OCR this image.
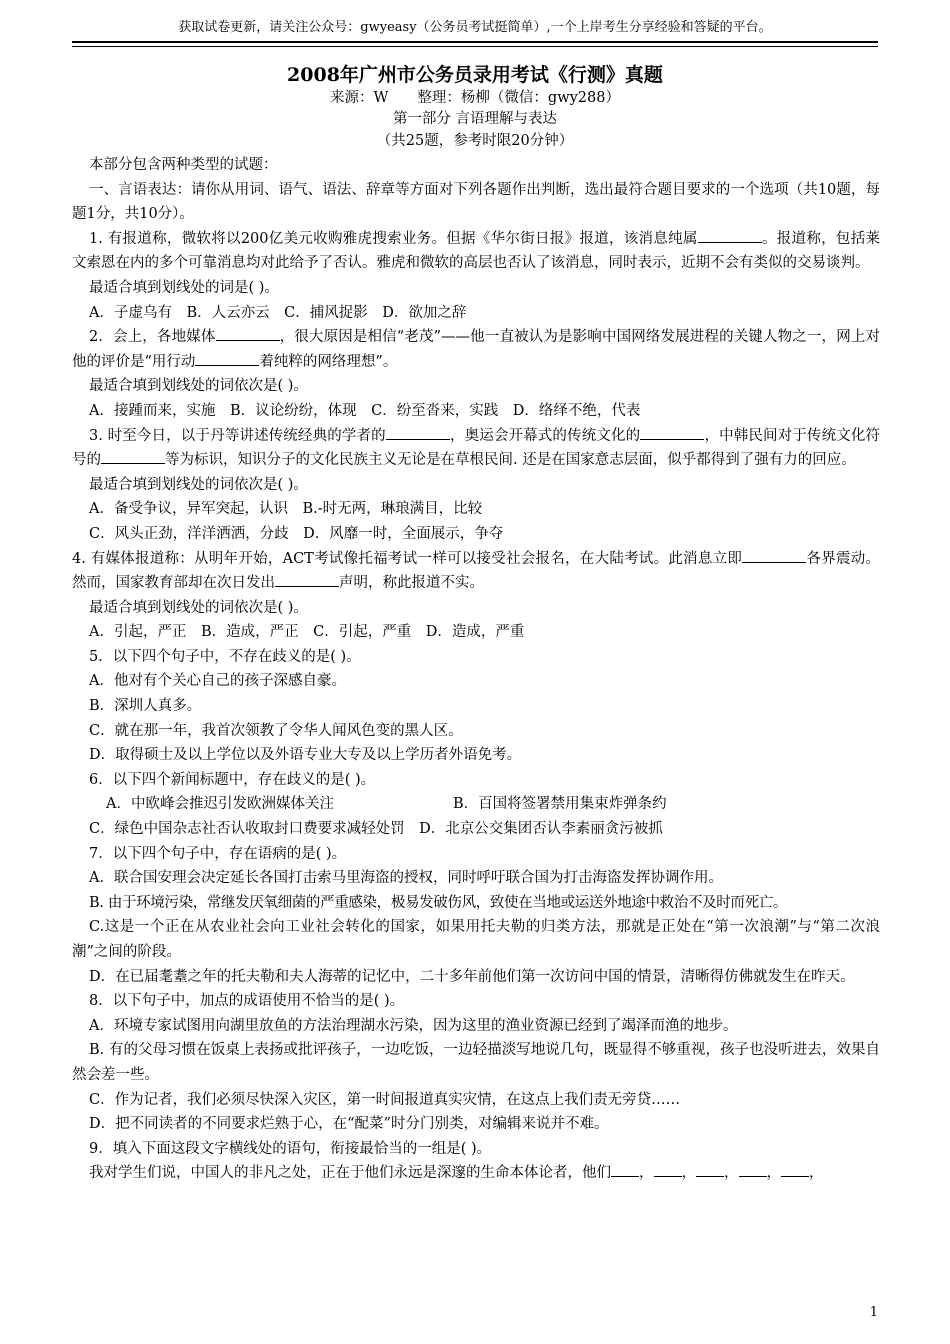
获取试卷更新，请关注公众号：gwyeasy（公务员考试挺简单）,一个上岸考生分享经验和答疑的平台。
2008年广州市公务员录用考试《行测》真题
来源：W　　整理：杨柳（微信：gwy288）
第一部分 言语理解与表达
（共25题，参考时限20分钟）

本部分包含两种类型的试题：

一、言语表达：请你从用词、语气、语法、辞章等方面对下列各题作出判断，选出最符合题目要求的一个选项（共10题，每题1分，共10分）。

1. 有报道称，微软将以200亿美元收购雅虎搜索业务。但据《华尔街日报》报道，该消息纯属	。报道称，包括莱文索恩在内的多个可靠消息均对此给予了否认。雅虎和微软的高层也否认了该消息，同时表示，近期不会有类似的交易谈判。

最适合填到划线处的词是( )。

A．子虚乌有　B．人云亦云　C．捕风捉影　D．欲加之辞

2．会上，各地媒体	，很大原因是相信“老茂”——他一直被认为是影响中国网络发展进程的关键人物之一，网上对他的评价是“用行动	着纯粹的网络理想”。

最适合填到划线处的词依次是( )。

A．接踵而来，实施　B．议论纷纷，体现　C．纷至沓来，实践　D．络绎不绝，代表

3. 时至今日，以于丹等讲述传统经典的学者的	，奥运会开幕式的传统文化的	，中韩民间对于传统文化符号的	等为标识，知识分子的文化民族主义无论是在草根民间. 还是在国家意志层面，似乎都得到了强有力的回应。

最适合填到划线处的词依次是( )。

A．备受争议，异军突起，认识　B.-时无两，琳琅满目，比较

C．风头正劲，洋洋洒洒，分歧　D．风靡一时，全面展示，争夺

4. 有媒体报道称：从明年开始，ACT考试像托福考试一样可以接受社会报名，在大陆考试。此消息立即	各界震动。然而，国家教育部却在次日发出	声明，称此报道不实。

最适合填到划线处的词依次是( )。

A．引起，严正　B．造成，严正　C．引起，严重　D．造成，严重

5．以下四个句子中，不存在歧义的是( )。

A．他对有个关心自己的孩子深感自豪。

B．深圳人真多。

C．就在那一年，我首次领教了令华人闻风色变的黑人区。

D．取得硕士及以上学位以及外语专业大专及以上学历者外语免考。

6．以下四个新闻标题中，存在歧义的是( )。

A．中欧峰会推迟引发欧洲媒体关注	B．百国将签署禁用集束炸弹条约

C．绿色中国杂志社否认收取封口费要求减轻处罚　 D．北京公交集团否认李素丽贪污被抓

7．以下四个句子中，存在语病的是( )。

A．联合国安理会决定延长各国打击索马里海盗的授权，同时呼吁联合国为打击海盗发挥协调作用。

B. 由于环境污染，常继发厌氧细菌的严重感染，极易发破伤风，致使在当地或运送外地途中救治不及时而死亡。

C.这是一个正在从农业社会向工业社会转化的国家，如果用托夫勒的归类方法，那就是正处在“第一次浪潮”与“第二次浪潮”之间的阶段。

D．在已届耄耋之年的托夫勒和夫人海蒂的记忆中，二十多年前他们第一次访问中国的情景，清晰得仿佛就发生在昨天。

8．以下句子中，加点的成语使用不恰当的是( )。

A．环境专家试图用向湖里放鱼的方法治理湖水污染，因为这里的渔业资源已经到了竭泽而渔的地步。

B. 有的父母习惯在饭桌上表扬或批评孩子，一边吃饭，一边轻描淡写地说几句，既显得不够重视，孩子也没听进去，效果自然会差一些。

C．作为记者，我们必须尽快深入灾区，第一时间报道真实灾情，在这点上我们责无旁贷……

D．把不同读者的不同要求烂熟于心，在“配菜”时分门别类，对编辑来说并不难。

9．填入下面这段文字横线处的语句，衔接最恰当的一组是( )。

我对学生们说，中国人的非凡之处，正在于他们永远是深邃的生命本体论者，他们 ， ， ， ， ，

1
